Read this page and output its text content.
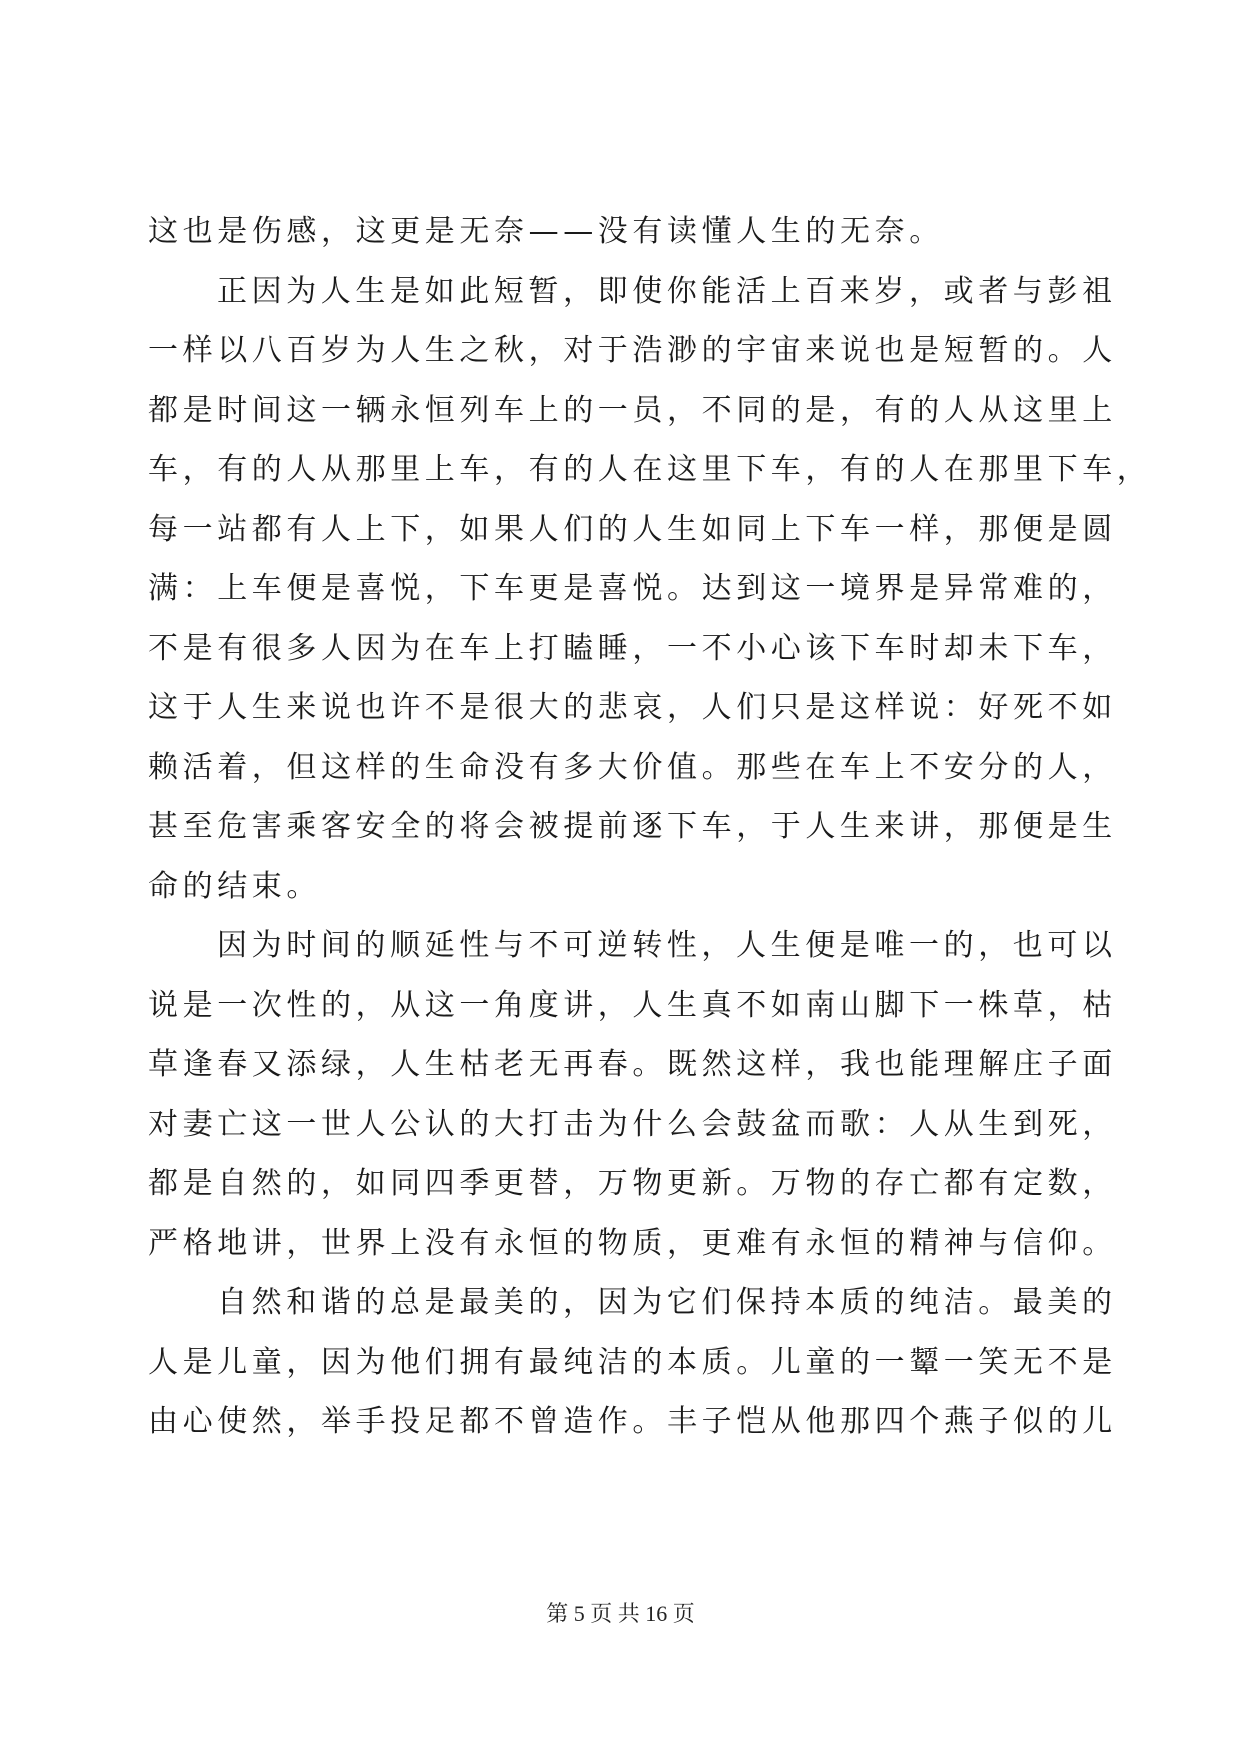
这也是伤感，这更是无奈——没有读懂人生的无奈。

正因为人生是如此短暂，即使你能活上百来岁，或者与彭祖

一样以八百岁为人生之秋，对于浩渺的宇宙来说也是短暂的。人

都是时间这一辆永恒列车上的一员，不同的是，有的人从这里上

车，有的人从那里上车，有的人在这里下车，有的人在那里下车，

每一站都有人上下，如果人们的人生如同上下车一样，那便是圆

满：上车便是喜悦，下车更是喜悦。达到这一境界是异常难的，

不是有很多人因为在车上打瞌睡，一不小心该下车时却未下车，

这于人生来说也许不是很大的悲哀，人们只是这样说：好死不如

赖活着，但这样的生命没有多大价值。那些在车上不安分的人，

甚至危害乘客安全的将会被提前逐下车，于人生来讲，那便是生

命的结束。

因为时间的顺延性与不可逆转性，人生便是唯一的，也可以

说是一次性的，从这一角度讲，人生真不如南山脚下一株草，枯

草逢春又添绿，人生枯老无再春。既然这样，我也能理解庄子面

对妻亡这一世人公认的大打击为什么会鼓盆而歌：人从生到死，

都是自然的，如同四季更替，万物更新。万物的存亡都有定数，

严格地讲，世界上没有永恒的物质，更难有永恒的精神与信仰。

自然和谐的总是最美的，因为它们保持本质的纯洁。最美的

人是儿童，因为他们拥有最纯洁的本质。儿童的一颦一笑无不是

由心使然，举手投足都不曾造作。丰子恺从他那四个燕子似的儿

第 5 页 共 16 页
